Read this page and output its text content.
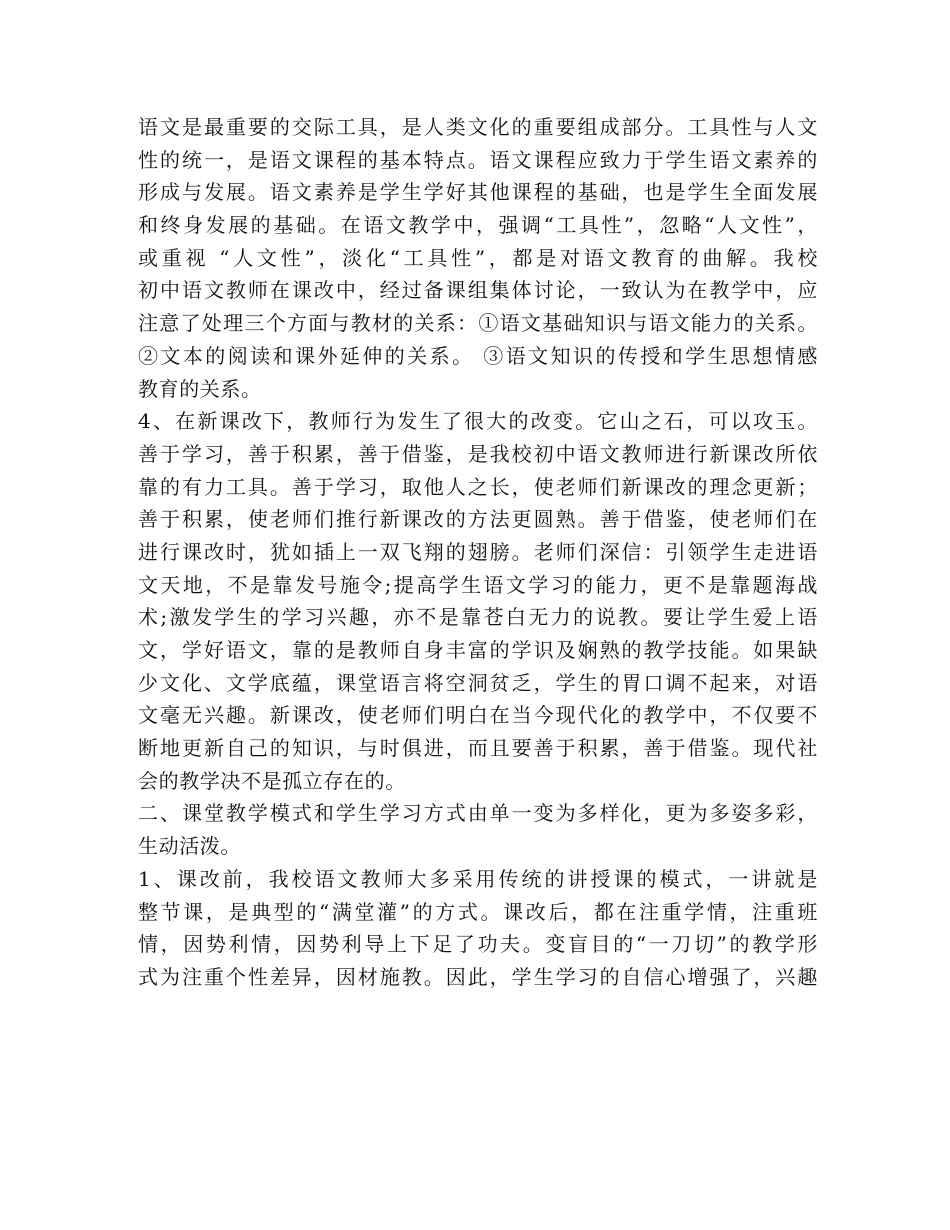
语文是最重要的交际工具，是人类文化的重要组成部分。工具性与人文
性的统一，是语文课程的基本特点。语文课程应致力于学生语文素养的
形成与发展。语文素养是学生学好其他课程的基础，也是学生全面发展
和终身发展的基础。在语文教学中，强调“工具性”，忽略“人文性”，
或重视 “人文性”，淡化“工具性”，都是对语文教育的曲解。我校
初中语文教师在课改中，经过备课组集体讨论，一致认为在教学中，应
注意了处理三个方面与教材的关系：①语文基础知识与语文能力的关系。
②文本的阅读和课外延伸的关系。 ③语文知识的传授和学生思想情感
教育的关系。
4、在新课改下，教师行为发生了很大的改变。它山之石，可以攻玉。
善于学习，善于积累，善于借鉴，是我校初中语文教师进行新课改所依
靠的有力工具。善于学习，取他人之长，使老师们新课改的理念更新；
善于积累，使老师们推行新课改的方法更圆熟。善于借鉴，使老师们在
进行课改时，犹如插上一双飞翔的翅膀。老师们深信：引领学生走进语
文天地，不是靠发号施令;提高学生语文学习的能力，更不是靠题海战
术;激发学生的学习兴趣，亦不是靠苍白无力的说教。要让学生爱上语
文，学好语文，靠的是教师自身丰富的学识及娴熟的教学技能。如果缺
少文化、文学底蕴，课堂语言将空洞贫乏，学生的胃口调不起来，对语
文毫无兴趣。新课改，使老师们明白在当今现代化的教学中，不仅要不
断地更新自己的知识，与时俱进，而且要善于积累，善于借鉴。现代社
会的教学决不是孤立存在的。
二、课堂教学模式和学生学习方式由单一变为多样化，更为多姿多彩，
生动活泼。
1、课改前，我校语文教师大多采用传统的讲授课的模式，一讲就是
整节课，是典型的“满堂灌”的方式。课改后，都在注重学情，注重班
情，因势利情，因势利导上下足了功夫。变盲目的“一刀切”的教学形
式为注重个性差异，因材施教。因此，学生学习的自信心增强了，兴趣
